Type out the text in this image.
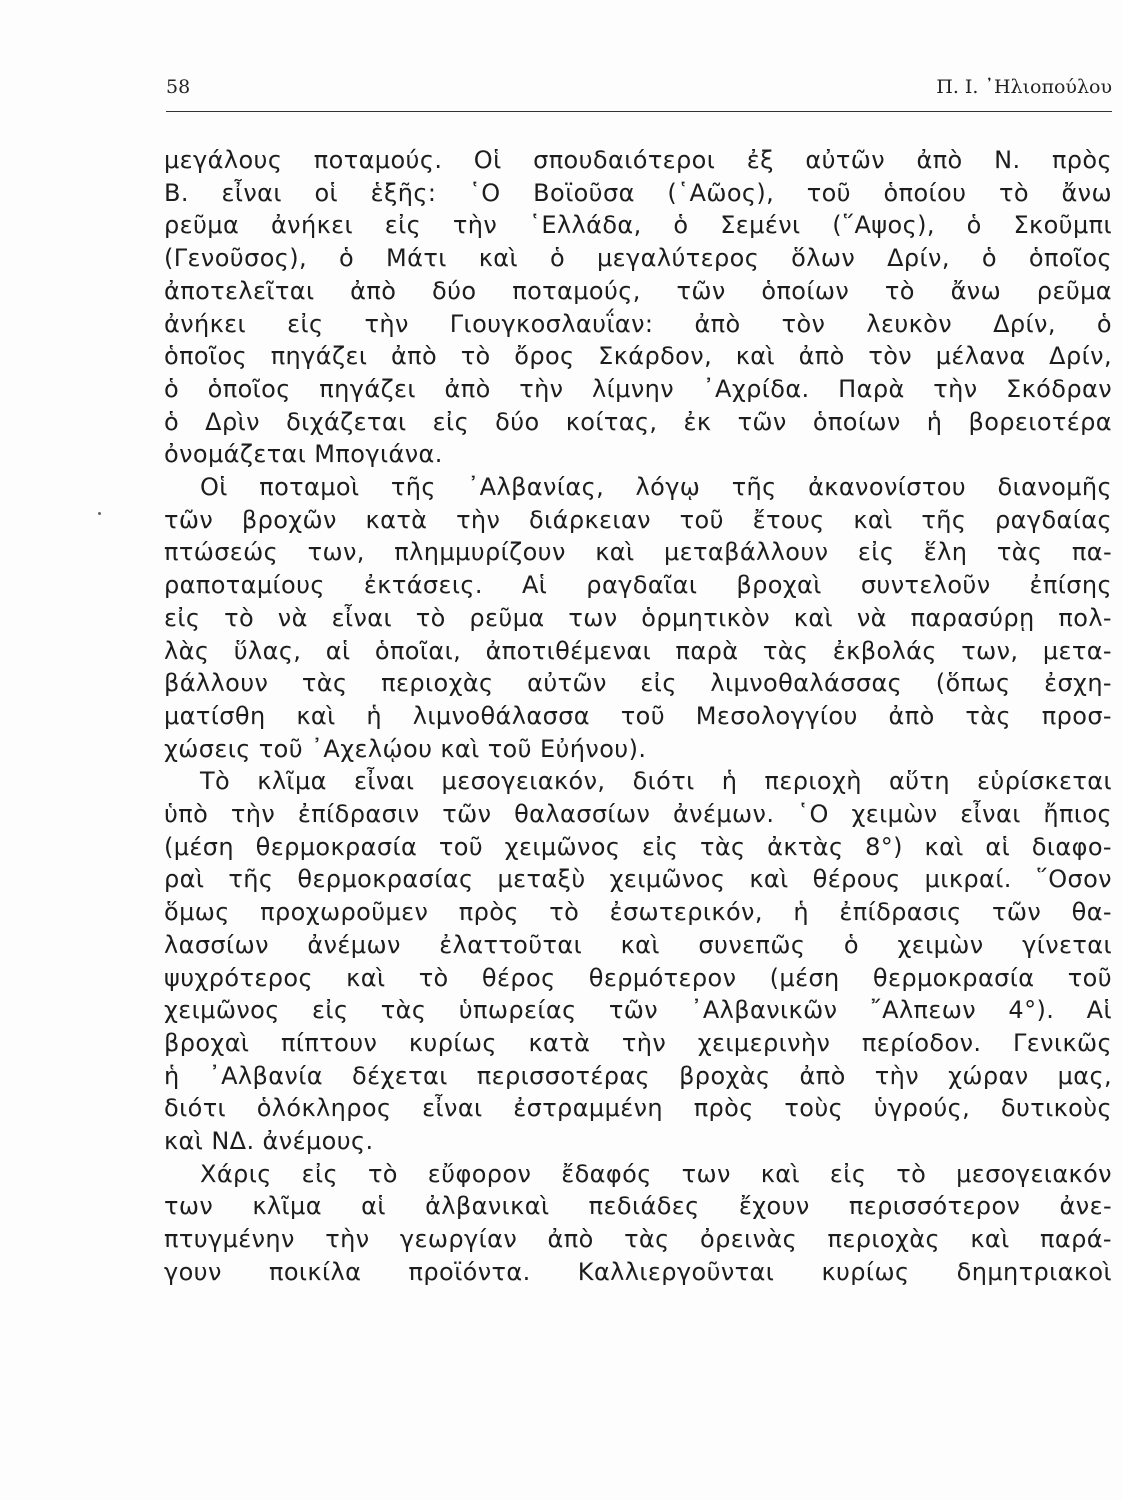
58	Π. Ι. ᾿Ηλιοπούλου
μεγάλους ποταμούς. Οἱ σπουδαιότεροι ἐξ αὐτῶν ἀπὸ Ν. πρὸς
Β. εἶναι οἱ ἑξῆς: ῾Ο Βοϊοῦσα (῾Αῶος), τοῦ ὁποίου τὸ ἄνω
ρεῦμα ἀνήκει εἰς τὴν ῾Ελλάδα, ὁ Σεμένι (῞Αψος), ὁ Σκοῦμπι
(Γενοῦσος), ὁ Μάτι καὶ ὁ μεγαλύτερος ὅλων Δρίν, ὁ ὁποῖος
ἀποτελεῖται ἀπὸ δύο ποταμούς, τῶν ὁποίων τὸ ἄνω ρεῦμα
ἀνήκει εἰς τὴν Γιουγκοσλαυΐαν: ἀπὸ τὸν λευκὸν Δρίν, ὁ
ὁποῖος πηγάζει ἀπὸ τὸ ὄρος Σκάρδον, καὶ ἀπὸ τὸν μέλανα Δρίν,
ὁ ὁποῖος πηγάζει ἀπὸ τὴν λίμνην ᾿Αχρίδα. Παρὰ τὴν Σκόδραν
ὁ Δρὶν διχάζεται εἰς δύο κοίτας, ἐκ τῶν ὁποίων ἡ βορειοτέρα
ὀνομάζεται Μπογιάνα.
Οἱ ποταμοὶ τῆς ᾿Αλβανίας, λόγῳ τῆς ἀκανονίστου διανομῆς
τῶν βροχῶν κατὰ τὴν διάρκειαν τοῦ ἔτους καὶ τῆς ραγδαίας
πτώσεώς των, πλημμυρίζουν καὶ μεταβάλλουν εἰς ἕλη τὰς πα-
ραποταμίους ἐκτάσεις. Αἱ ραγδαῖαι βροχαὶ συντελοῦν ἐπίσης
εἰς τὸ νὰ εἶναι τὸ ρεῦμα των ὁρμητικὸν καὶ νὰ παρασύρῃ πολ-
λὰς ὕλας, αἱ ὁποῖαι, ἀποτιθέμεναι παρὰ τὰς ἐκβολάς των, μετα-
βάλλουν τὰς περιοχὰς αὐτῶν εἰς λιμνοθαλάσσας (ὅπως ἐσχη-
ματίσθη καὶ ἡ λιμνοθάλασσα τοῦ Μεσολογγίου ἀπὸ τὰς προσ-
χώσεις τοῦ ᾿Αχελῴου καὶ τοῦ Εὐήνου).
Τὸ κλῖμα εἶναι μεσογειακόν, διότι ἡ περιοχὴ αὕτη εὑρίσκεται
ὑπὸ τὴν ἐπίδρασιν τῶν θαλασσίων ἀνέμων. ῾Ο χειμὼν εἶναι ἤπιος
(μέση θερμοκρασία τοῦ χειμῶνος εἰς τὰς ἀκτὰς 8°) καὶ αἱ διαφο-
ραὶ τῆς θερμοκρασίας μεταξὺ χειμῶνος καὶ θέρους μικραί. ῞Οσον
ὅμως προχωροῦμεν πρὸς τὸ ἐσωτερικόν, ἡ ἐπίδρασις τῶν θα-
λασσίων ἀνέμων ἐλαττοῦται καὶ συνεπῶς ὁ χειμὼν γίνεται
ψυχρότερος καὶ τὸ θέρος θερμότερον (μέση θερμοκρασία τοῦ
χειμῶνος εἰς τὰς ὑπωρείας τῶν ᾿Αλβανικῶν ῎Αλπεων 4°). Αἱ
βροχαὶ πίπτουν κυρίως κατὰ τὴν χειμερινὴν περίοδον. Γενικῶς
ἡ ᾿Αλβανία δέχεται περισσοτέρας βροχὰς ἀπὸ τὴν χώραν μας,
διότι ὁλόκληρος εἶναι ἐστραμμένη πρὸς τοὺς ὑγρούς, δυτικοὺς
καὶ ΝΔ. ἀνέμους.
Χάρις εἰς τὸ εὔφορον ἔδαφός των καὶ εἰς τὸ μεσογειακόν
των κλῖμα αἱ ἀλβανικαὶ πεδιάδες ἔχουν περισσότερον ἀνε-
πτυγμένην τὴν γεωργίαν ἀπὸ τὰς ὀρεινὰς περιοχὰς καὶ παρά-
γουν ποικίλα προϊόντα. Καλλιεργοῦνται κυρίως δημητριακοὶ
